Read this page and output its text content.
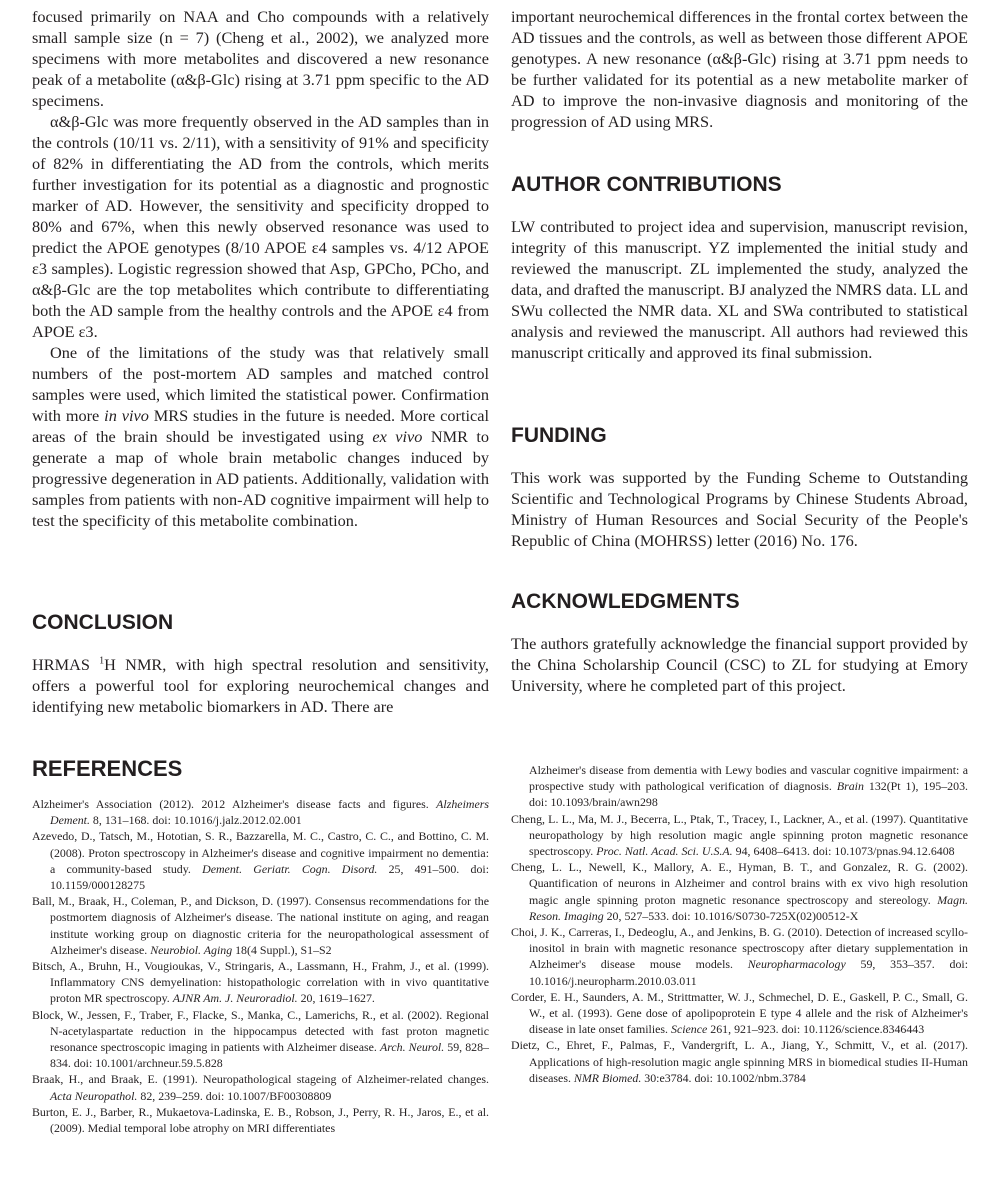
focused primarily on NAA and Cho compounds with a relatively small sample size (n = 7) (Cheng et al., 2002), we analyzed more specimens with more metabolites and discovered a new resonance peak of a metabolite (α&β-Glc) rising at 3.71 ppm specific to the AD specimens.

α&β-Glc was more frequently observed in the AD samples than in the controls (10/11 vs. 2/11), with a sensitivity of 91% and specificity of 82% in differentiating the AD from the controls, which merits further investigation for its potential as a diagnostic and prognostic marker of AD. However, the sensitivity and specificity dropped to 80% and 67%, when this newly observed resonance was used to predict the APOE genotypes (8/10 APOE ε4 samples vs. 4/12 APOE ε3 samples). Logistic regression showed that Asp, GPCho, PCho, and α&β-Glc are the top metabolites which contribute to differentiating both the AD sample from the healthy controls and the APOE ε4 from APOE ε3.

One of the limitations of the study was that relatively small numbers of the post-mortem AD samples and matched control samples were used, which limited the statistical power. Confirmation with more in vivo MRS studies in the future is needed. More cortical areas of the brain should be investigated using ex vivo NMR to generate a map of whole brain metabolic changes induced by progressive degeneration in AD patients. Additionally, validation with samples from patients with non-AD cognitive impairment will help to test the specificity of this metabolite combination.

CONCLUSION

HRMAS $^1$H NMR, with high spectral resolution and sensitivity, offers a powerful tool for exploring neurochemical changes and identifying new metabolic biomarkers in AD. There are

important neurochemical differences in the frontal cortex between the AD tissues and the controls, as well as between those different APOE genotypes. A new resonance (α&β-Glc) rising at 3.71 ppm needs to be further validated for its potential as a new metabolite marker of AD to improve the non-invasive diagnosis and monitoring of the progression of AD using MRS.

AUTHOR CONTRIBUTIONS

LW contributed to project idea and supervision, manuscript revision, integrity of this manuscript. YZ implemented the initial study and reviewed the manuscript. ZL implemented the study, analyzed the data, and drafted the manuscript. BJ analyzed the NMRS data. LL and SWu collected the NMR data. XL and SWa contributed to statistical analysis and reviewed the manuscript. All authors had reviewed this manuscript critically and approved its final submission.

FUNDING

This work was supported by the Funding Scheme to Outstanding Scientific and Technological Programs by Chinese Students Abroad, Ministry of Human Resources and Social Security of the People's Republic of China (MOHRSS) letter (2016) No. 176.

ACKNOWLEDGMENTS

The authors gratefully acknowledge the financial support provided by the China Scholarship Council (CSC) to ZL for studying at Emory University, where he completed part of this project.

REFERENCES

Alzheimer's Association (2012). 2012 Alzheimer's disease facts and figures. Alzheimers Dement. 8, 131–168. doi: 10.1016/j.jalz.2012.02.001

Azevedo, D., Tatsch, M., Hototian, S. R., Bazzarella, M. C., Castro, C. C., and Bottino, C. M. (2008). Proton spectroscopy in Alzheimer's disease and cognitive impairment no dementia: a community-based study. Dement. Geriatr. Cogn. Disord. 25, 491–500. doi: 10.1159/000128275

Ball, M., Braak, H., Coleman, P., and Dickson, D. (1997). Consensus recommendations for the postmortem diagnosis of Alzheimer's disease. The national institute on aging, and reagan institute working group on diagnostic criteria for the neuropathological assessment of Alzheimer's disease. Neurobiol. Aging 18(4 Suppl.), S1–S2

Bitsch, A., Bruhn, H., Vougioukas, V., Stringaris, A., Lassmann, H., Frahm, J., et al. (1999). Inflammatory CNS demyelination: histopathologic correlation with in vivo quantitative proton MR spectroscopy. AJNR Am. J. Neuroradiol. 20, 1619–1627.

Block, W., Jessen, F., Traber, F., Flacke, S., Manka, C., Lamerichs, R., et al. (2002). Regional N-acetylaspartate reduction in the hippocampus detected with fast proton magnetic resonance spectroscopic imaging in patients with Alzheimer disease. Arch. Neurol. 59, 828–834. doi: 10.1001/archneur.59.5.828

Braak, H., and Braak, E. (1991). Neuropathological stageing of Alzheimer-related changes. Acta Neuropathol. 82, 239–259. doi: 10.1007/BF00308809

Burton, E. J., Barber, R., Mukaetova-Ladinska, E. B., Robson, J., Perry, R. H., Jaros, E., et al. (2009). Medial temporal lobe atrophy on MRI differentiates

Alzheimer's disease from dementia with Lewy bodies and vascular cognitive impairment: a prospective study with pathological verification of diagnosis. Brain 132(Pt 1), 195–203. doi: 10.1093/brain/awn298

Cheng, L. L., Ma, M. J., Becerra, L., Ptak, T., Tracey, I., Lackner, A., et al. (1997). Quantitative neuropathology by high resolution magic angle spinning proton magnetic resonance spectroscopy. Proc. Natl. Acad. Sci. U.S.A. 94, 6408–6413. doi: 10.1073/pnas.94.12.6408

Cheng, L. L., Newell, K., Mallory, A. E., Hyman, B. T., and Gonzalez, R. G. (2002). Quantification of neurons in Alzheimer and control brains with ex vivo high resolution magic angle spinning proton magnetic resonance spectroscopy and stereology. Magn. Reson. Imaging 20, 527–533. doi: 10.1016/S0730-725X(02)00512-X

Choi, J. K., Carreras, I., Dedeoglu, A., and Jenkins, B. G. (2010). Detection of increased scyllo-inositol in brain with magnetic resonance spectroscopy after dietary supplementation in Alzheimer's disease mouse models. Neuropharmacology 59, 353–357. doi: 10.1016/j.neuropharm.2010.03.011

Corder, E. H., Saunders, A. M., Strittmatter, W. J., Schmechel, D. E., Gaskell, P. C., Small, G. W., et al. (1993). Gene dose of apolipoprotein E type 4 allele and the risk of Alzheimer's disease in late onset families. Science 261, 921–923. doi: 10.1126/science.8346443

Dietz, C., Ehret, F., Palmas, F., Vandergrift, L. A., Jiang, Y., Schmitt, V., et al. (2017). Applications of high-resolution magic angle spinning MRS in biomedical studies II-Human diseases. NMR Biomed. 30:e3784. doi: 10.1002/nbm.3784
